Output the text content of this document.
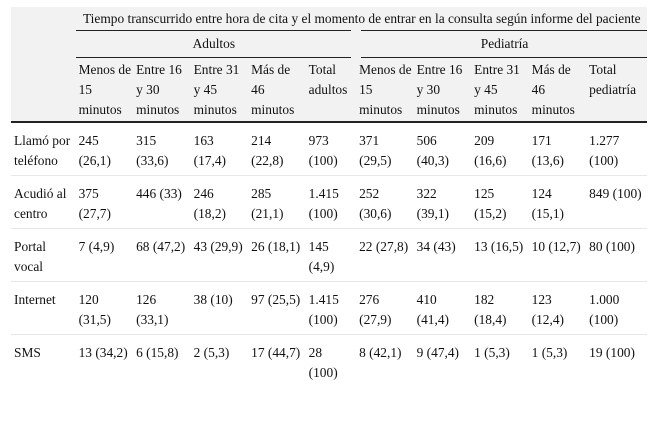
	Tiempo transcurrido entre hora de cita y el momento de entrar en la consulta según informe del paciente									
	Adultos					Pediatría				
	Menos de 15 minutos	Entre 16 y 30 minutos	Entre 31 y 45 minutos	Más de 46 minutos	Total adultos	Menos de 15 minutos	Entre 16 y 30 minutos	Entre 31 y 45 minutos	Más de 46 minutos	Total pediatría
Llamó por teléfono	245 (26,1)	315 (33,6)	163 (17,4)	214 (22,8)	973 (100)	371 (29,5)	506 (40,3)	209 (16,6)	171 (13,6)	1.277 (100)
Acudió al centro	375 (27,7)	446 (33)	246 (18,2)	285 (21,1)	1.415 (100)	252 (30,6)	322 (39,1)	125 (15,2)	124 (15,1)	849 (100)
Portal vocal	7 (4,9)	68 (47,2)	43 (29,9)	26 (18,1)	145 (4,9)	22 (27,8)	34 (43)	13 (16,5)	10 (12,7)	80 (100)
Internet	120 (31,5)	126 (33,1)	38 (10)	97 (25,5)	1.415 (100)	276 (27,9)	410 (41,4)	182 (18,4)	123 (12,4)	1.000 (100)
SMS	13 (34,2)	6 (15,8)	2 (5,3)	17 (44,7)	28 (100)	8 (42,1)	9 (47,4)	1 (5,3)	1 (5,3)	19 (100)
